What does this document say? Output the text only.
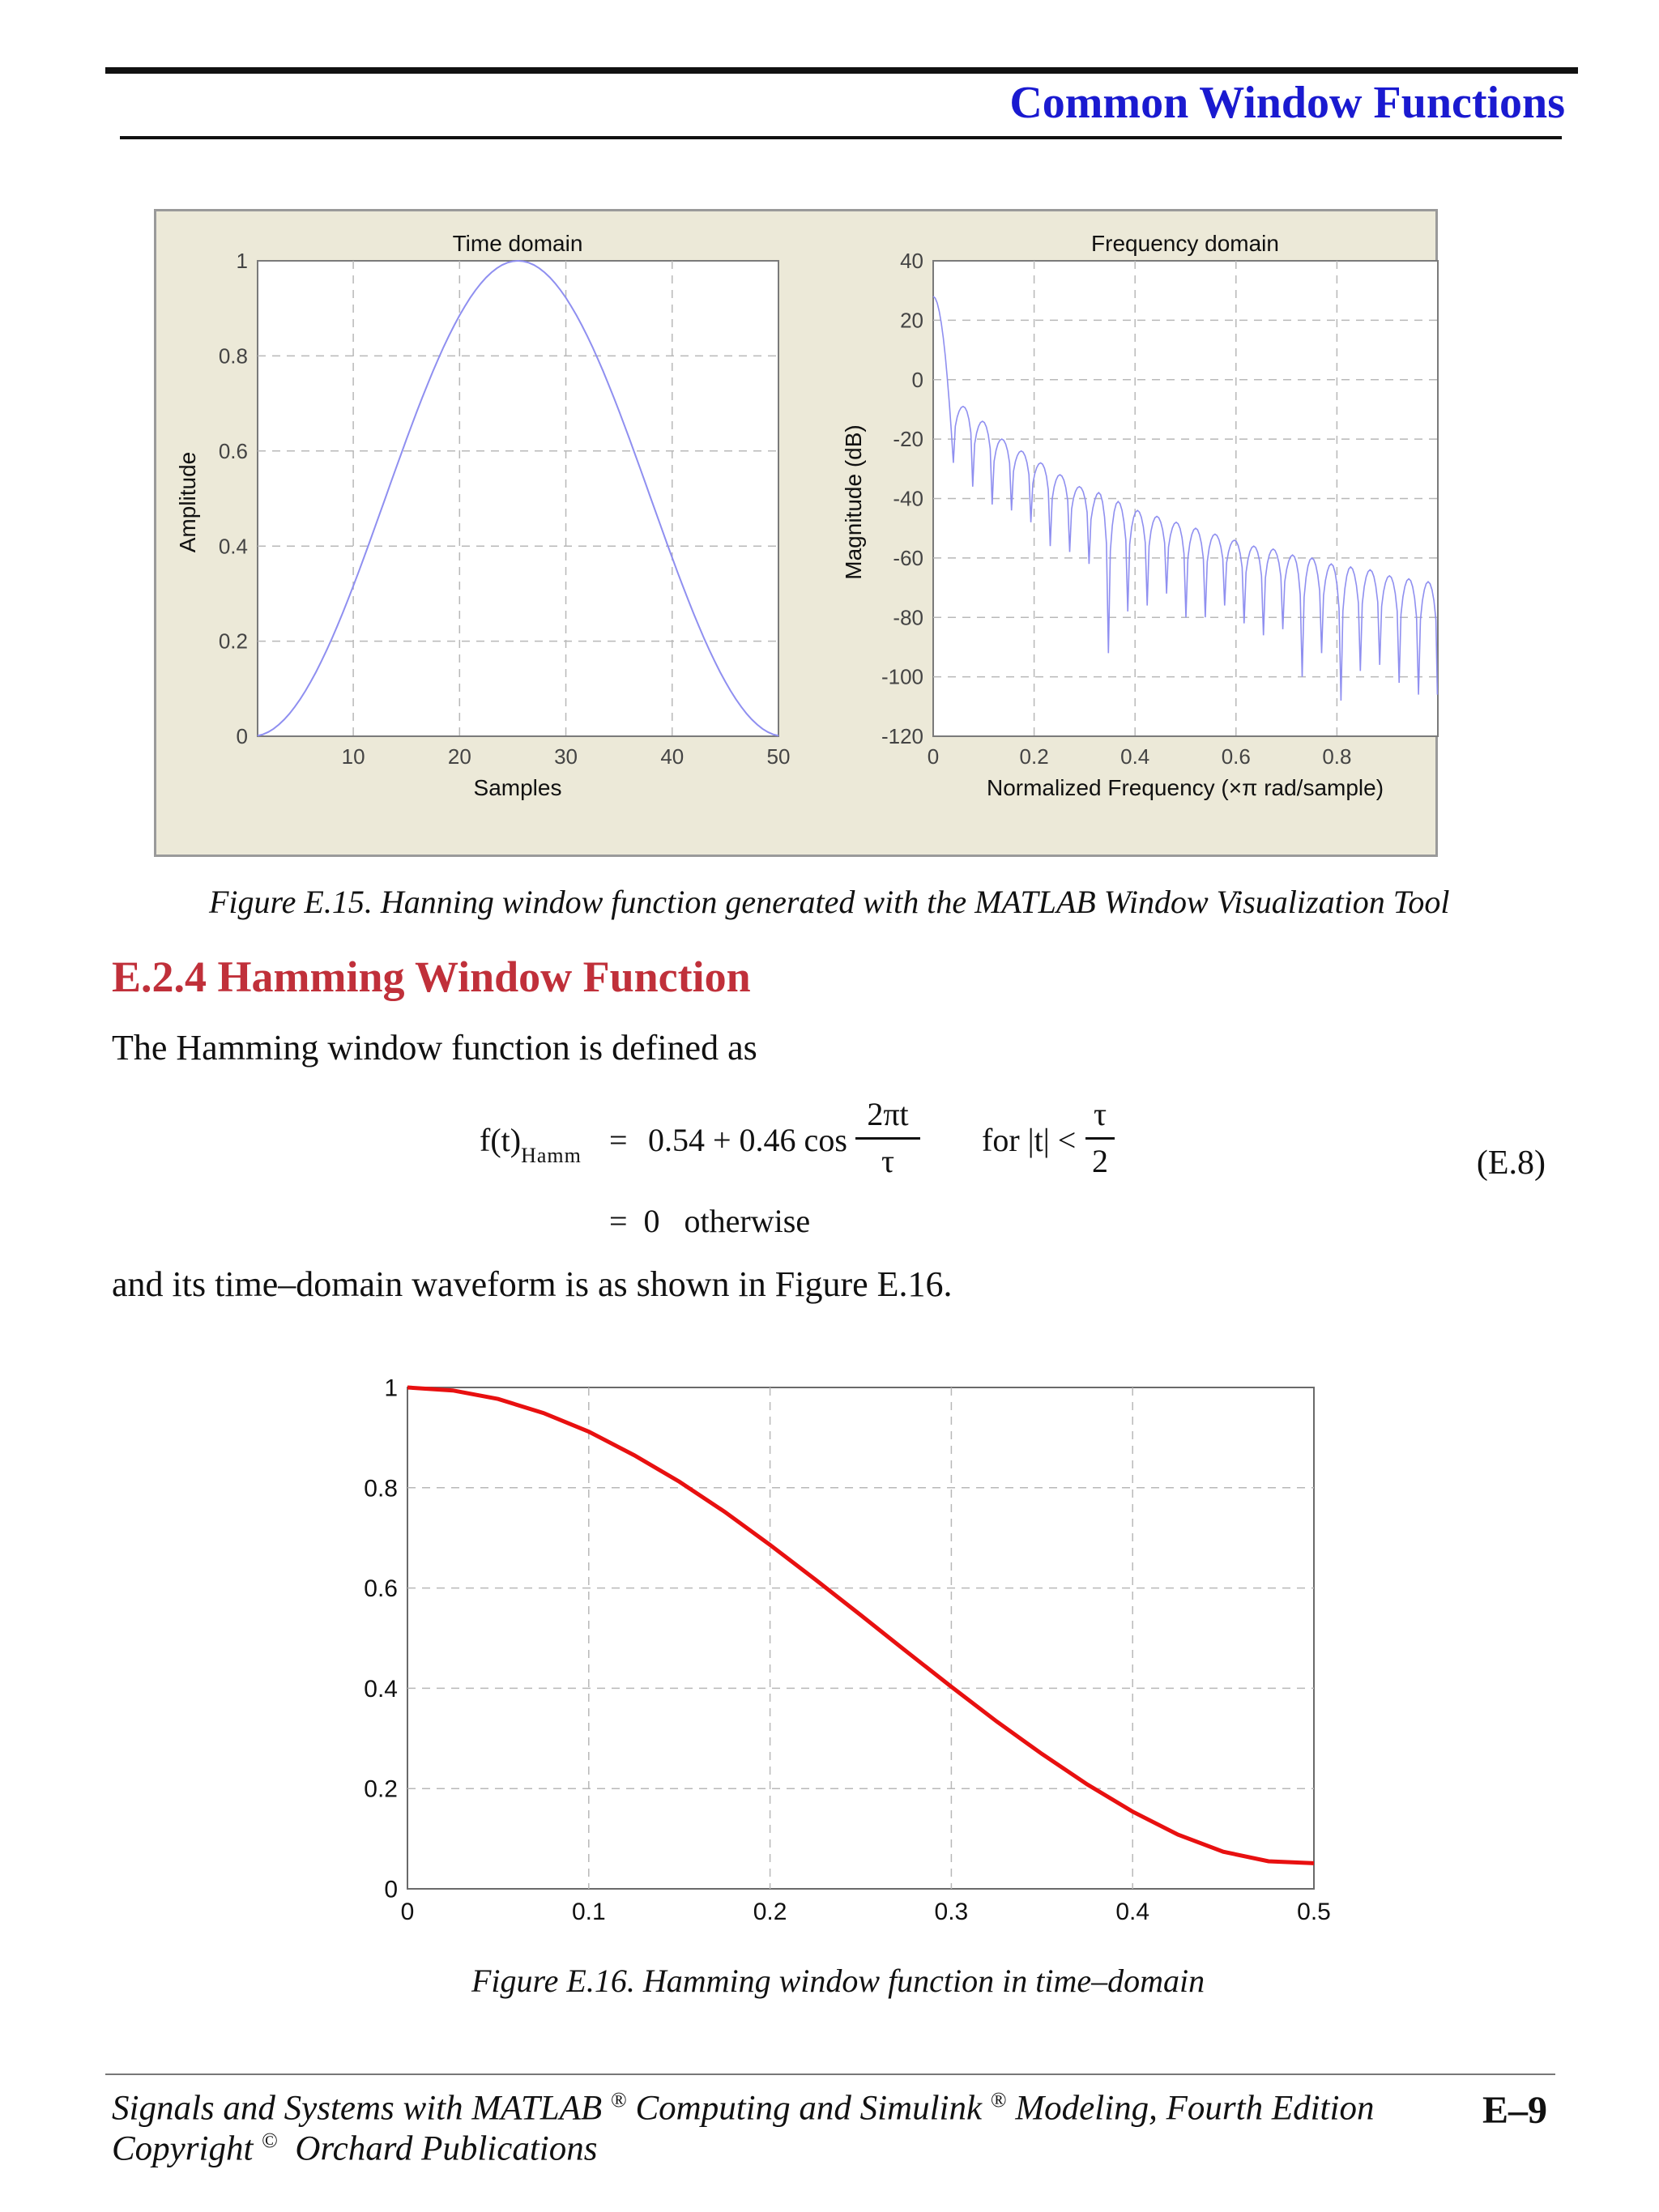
Common Window Functions
10	20	30	40	50
0
0.2
0.4
0.6
0.8
1
Time domain
Samples
Amplitude
0	0.2	0.4	0.6	0.8
40
20
0
-20
-40
-60
-80
-100
-120
Frequency domain
Normalized Frequency (×π rad/sample)
Magnitude (dB)
Figure E.15. Hanning window function generated with the MATLAB Window Visualization Tool
E.2.4 Hamming Window Function
The Hamming window function is defined as
$f(t)_{Hamm} = 0.54 + 0.46$ cos
2πt
τ
for |t| <
τ
2	(E.8)
=  0   otherwise
and its time–domain waveform is as shown in Figure E.16.
0	0.1	0.2	0.3	0.4	0.5
0
0.2
0.4
0.6
0.8
1
Figure E.16. Hamming window function in time–domain
Signals and Systems with MATLAB ® Computing and Simulink ® Modeling, Fourth Edition
Copyright ©  Orchard Publications
E–9
